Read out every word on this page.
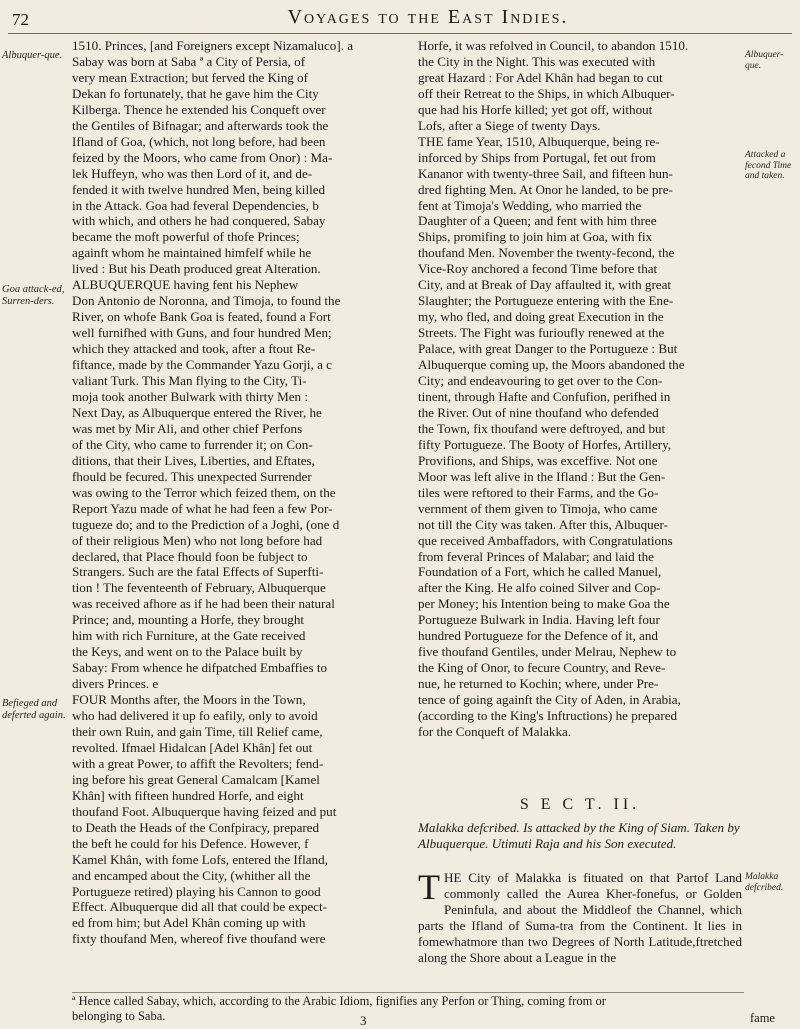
72	Voyages to the East Indies.
Albuquer-que.
Goa attack-ed, Surren-ders.
Befieged and deferted again.
1510. Princes, [and Foreigners except Nizamaluco]. a
Sabay was born at Saba ª a City of Persia, of
very mean Extraction; but ferved the King of
Dekan fo fortunately, that he gave him the City
Kilberga. Thence he extended his Conqueft over
the Gentiles of Bifnagar; and afterwards took the
Ifland of Goa, (which, not long before, had been
feized by the Moors, who came from Onor) : Ma-
lek Huffeyn, who was then Lord of it, and de-
fended it with twelve hundred Men, being killed
in the Attack. Goa had feveral Dependencies, b
with which, and others he had conquered, Sabay
became the moft powerful of thofe Princes;
againft whom he maintained himfelf while he
lived : But his Death produced great Alteration.
ALBUQUERQUE having fent his Nephew
Don Antonio de Noronna, and Timoja, to found the
River, on whofe Bank Goa is feated, found a Fort
well furnifhed with Guns, and four hundred Men;
which they attacked and took, after a ftout Re-
fiftance, made by the Commander Yazu Gorji, a c
valiant Turk. This Man flying to the City, Ti-
moja took another Bulwark with thirty Men :
Next Day, as Albuquerque entered the River, he
was met by Mir Ali, and other chief Perfons
of the City, who came to furrender it; on Con-
ditions, that their Lives, Liberties, and Eftates,
fhould be fecured. This unexpected Surrender
was owing to the Terror which feized them, on the
Report Yazu made of what he had feen a few Por-
tugueze do; and to the Prediction of a Joghi, (one d
of their religious Men) who not long before had
declared, that Place fhould foon be fubject to
Strangers. Such are the fatal Effects of Superfti-
tion ! The feventeenth of February, Albuquerque
was received afhore as if he had been their natural
Prince; and, mounting a Horfe, they brought
him with rich Furniture, at the Gate received
the Keys, and went on to the Palace built by
Sabay: From whence he difpatched Embaffies to
divers Princes. e
FOUR Months after, the Moors in the Town,
who had delivered it up fo eafily, only to avoid
their own Ruin, and gain Time, till Relief came,
revolted. Ifmael Hidalcan [Adel Khân] fet out
with a great Power, to affift the Revolters; fend-
ing before his great General Camalcam [Kamel
Khân] with fifteen hundred Horfe, and eight
thoufand Foot. Albuquerque having feized and put
to Death the Heads of the Confpiracy, prepared
the beft he could for his Defence. However, f
Kamel Khân, with fome Lofs, entered the Ifland,
and encamped about the City, (whither all the
Portugueze retired) playing his Cannon to good
Effect. Albuquerque did all that could be expect-
ed from him; but Adel Khân coming up with
fixty thoufand Men, whereof five thoufand were
Horfe, it was refolved in Council, to abandon 1510.
the City in the Night. This was executed with
great Hazard : For Adel Khân had began to cut
off their Retreat to the Ships, in which Albuquer-
que had his Horfe killed; yet got off, without
Lofs, after a Siege of twenty Days.
THE fame Year, 1510, Albuquerque, being re-
inforced by Ships from Portugal, fet out from
Kananor with twenty-three Sail, and fifteen hun-
dred fighting Men. At Onor he landed, to be pre-
fent at Timoja's Wedding, who married the
Daughter of a Queen; and fent with him three
Ships, promifing to join him at Goa, with fix
thoufand Men. November the twenty-fecond, the
Vice-Roy anchored a fecond Time before that
City, and at Break of Day affaulted it, with great
Slaughter; the Portugueze entering with the Ene-
my, who fled, and doing great Execution in the
Streets. The Fight was furioufly renewed at the
Palace, with great Danger to the Portugueze : But
Albuquerque coming up, the Moors abandoned the
City; and endeavouring to get over to the Con-
tinent, through Hafte and Confufion, perifhed in
the River. Out of nine thoufand who defended
the Town, fix thoufand were deftroyed, and but
fifty Portugueze. The Booty of Horfes, Artillery,
Provifions, and Ships, was exceffive. Not one
Moor was left alive in the Ifland : But the Gen-
tiles were reftored to their Farms, and the Go-
vernment of them given to Timoja, who came
not till the City was taken. After this, Albuquer-
que received Ambaffadors, with Congratulations
from feveral Princes of Malabar; and laid the
Foundation of a Fort, which he called Manuel,
after the King. He alfo coined Silver and Cop-
per Money; his Intention being to make Goa the
Portugueze Bulwark in India. Having left four
hundred Portugueze for the Defence of it, and
five thoufand Gentiles, under Melrau, Nephew to
the King of Onor, to fecure Country, and Reve-
nue, he returned to Kochin; where, under Pre-
tence of going againft the City of Aden, in Arabia,
(according to the King's Inftructions) he prepared
for the Conqueft of Malakka.
Albuquer-que.
Attacked a fecond Time and taken.
Malakka defcribed.
S E C T. II.
Malakka defcribed. Is attacked by the King of Siam. Taken by Albuquerque. Utimuti Raja and his Son executed.
T HE City of Malakka is fituated on that Partof Land commonly called the Aurea Kher-fonefus, or Golden Peninfula, and about the Middleof the Channel, which parts the Ifland of Suma-tra from the Continent. It lies in fomewhatmore than two Degrees of North Latitude,ftretched along the Shore about a League in the
ª Hence called Sabay, which, according to the Arabic Idiom, fignifies any Perfon or Thing, coming from or
belonging to Saba.	3	fame
